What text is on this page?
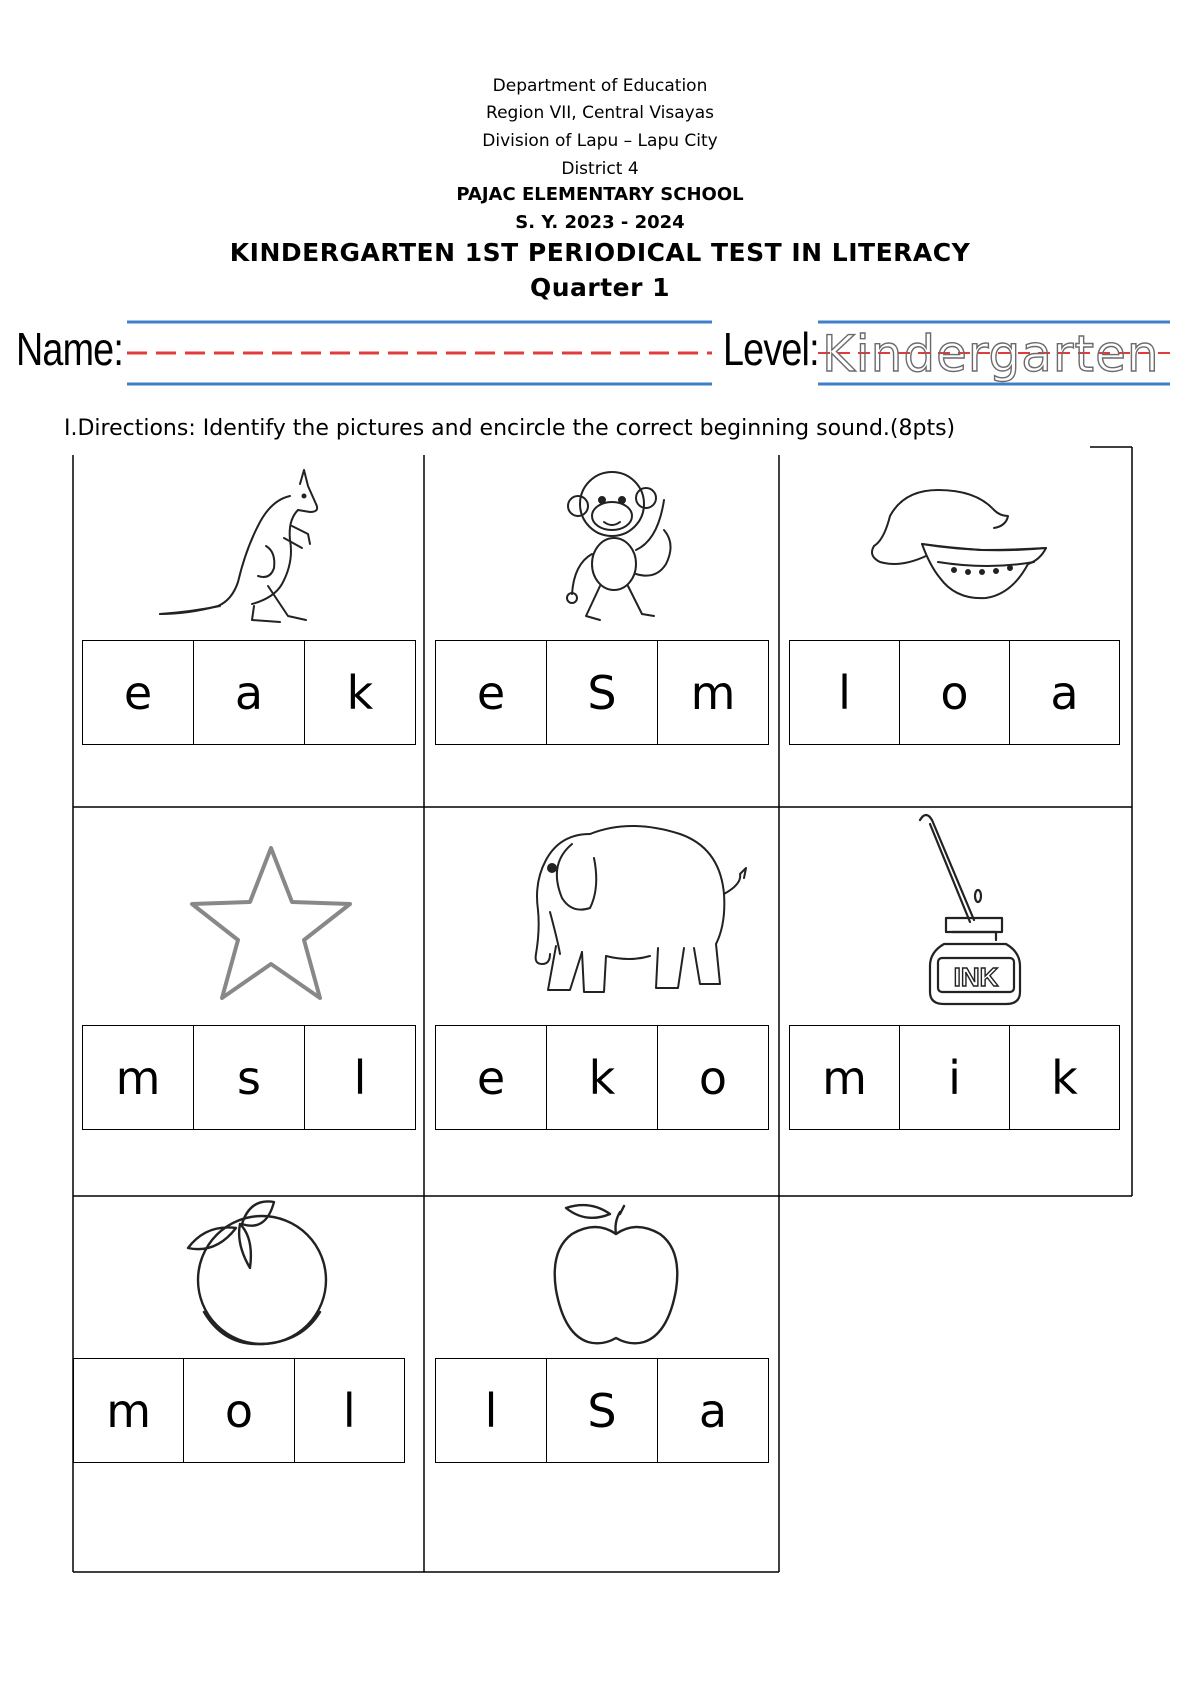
Department of Education
Region VII, Central Visayas
Division of Lapu – Lapu City
District 4
PAJAC ELEMENTARY SCHOOL
S. Y. 2023 - 2024
KINDERGARTEN 1ST PERIODICAL TEST IN LITERACY
Quarter 1
Name:	Level: Kindergarten
I.Directions: Identify the pictures and encircle the correct beginning sound.(8pts)
e	a	k	e	S	m	l	o	a
m	s	l	e	k	o
INK
m	i	k
m	o	l	l	S	a
